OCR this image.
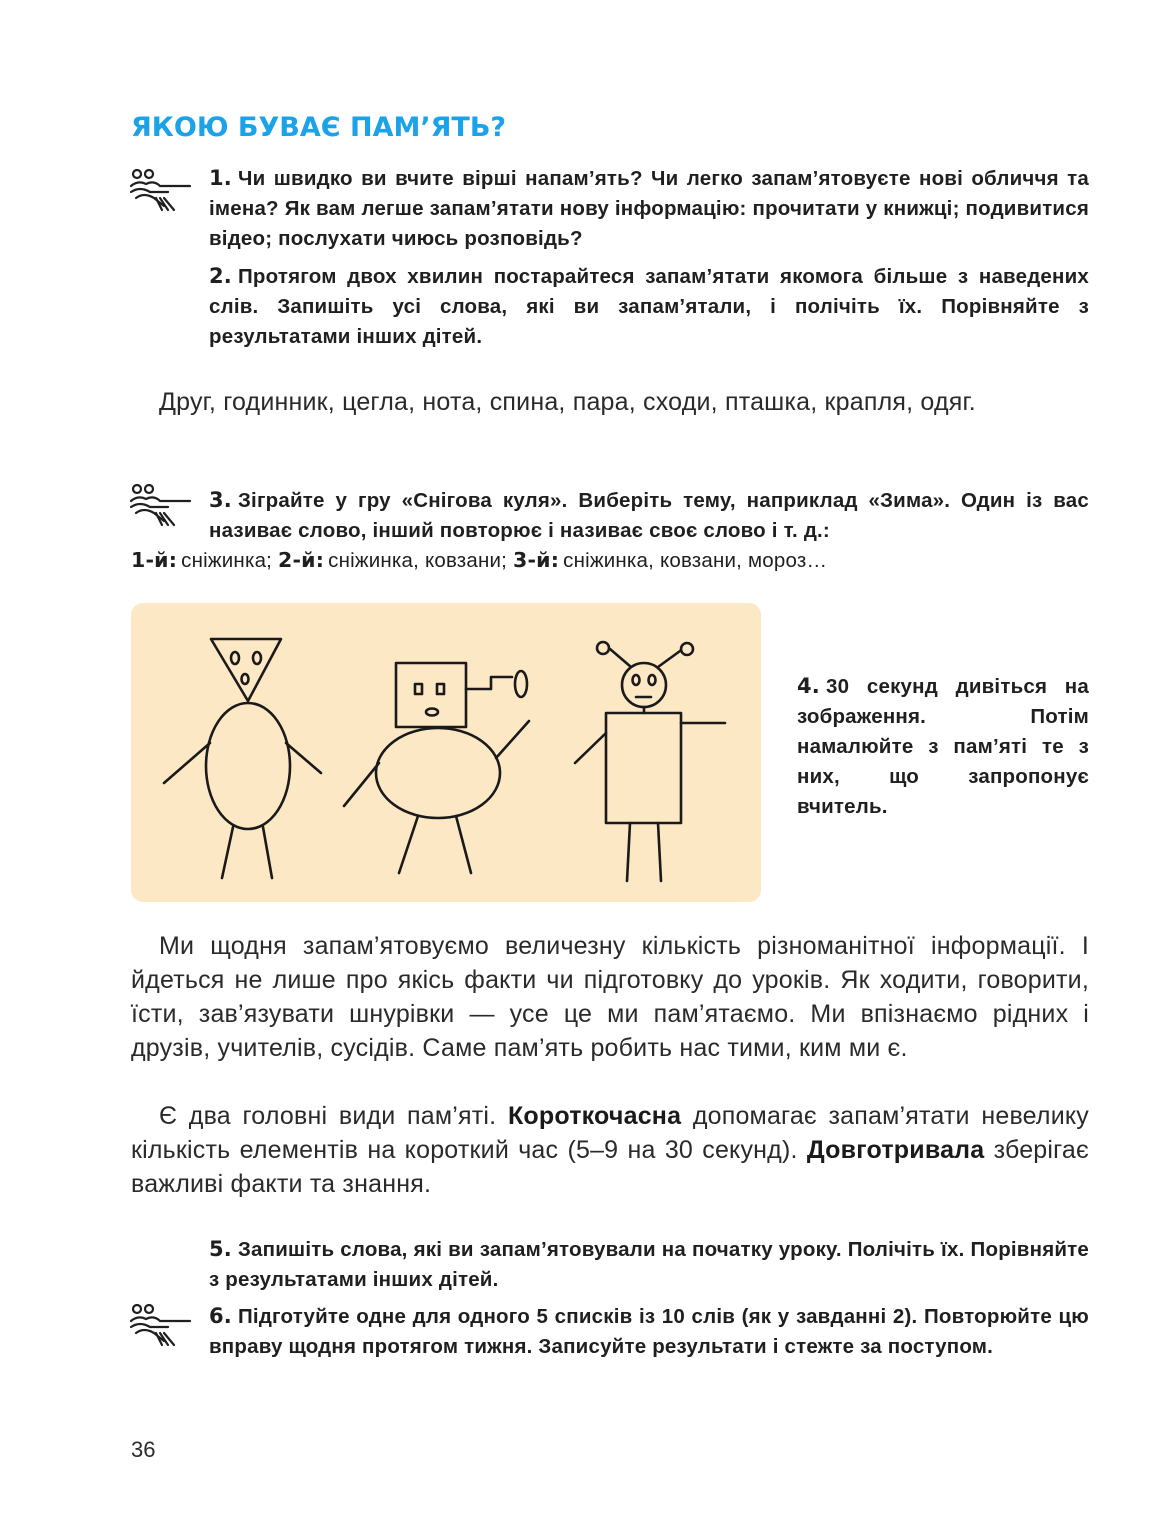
ЯКОЮ БУВАЄ ПАМ’ЯТЬ?
1. Чи швидко ви вчите вірші напам’ять? Чи легко запам’ятовуєте нові обличчя та імена? Як вам легше запам’ятати нову інформацію: прочитати у книжці; подивитися відео; послухати чиюсь розповідь?
2. Протягом двох хвилин постарайтеся запам’ятати якомога більше з наведених слів. Запишіть усі слова, які ви запам’ятали, і полічіть їх. Порівняйте з результатами інших дітей.
Друг, годинник, цегла, нота, спина, пара, сходи, пташка, крапля, одяг.
3. Зіграйте у гру «Снігова куля». Виберіть тему, наприклад «Зима». Один із вас називає слово, інший повторює і називає своє слово і т. д.:
1-й: сніжинка; 2-й: сніжинка, ковзани; 3-й: сніжинка, ковзани, мороз…
4. 30 секунд дивіться на зображення. Потім намалюйте з пам’яті те з них, що запропонує вчитель.
Ми щодня запам’ятовуємо величезну кількість різноманітної інформації. І йдеться не лише про якісь факти чи підготовку до уроків. Як ходити, говорити, їсти, зав’язувати шнурівки — усе це ми пам’ятаємо. Ми впізнаємо рідних і друзів, учителів, сусідів. Саме пам’ять робить нас тими, ким ми є.
Є два головні види пам’яті. Короткочасна допомагає запам’ятати невелику кількість елементів на короткий час (5–9 на 30 секунд). Довготривала зберігає важливі факти та знання.
5. Запишіть слова, які ви запам’ятовували на початку уроку. Полічіть їх. Порівняйте з результатами інших дітей.
6. Підготуйте одне для одного 5 списків із 10 слів (як у завданні 2). Повторюйте цю вправу щодня протягом тижня. Записуйте результати і стежте за поступом.
36
